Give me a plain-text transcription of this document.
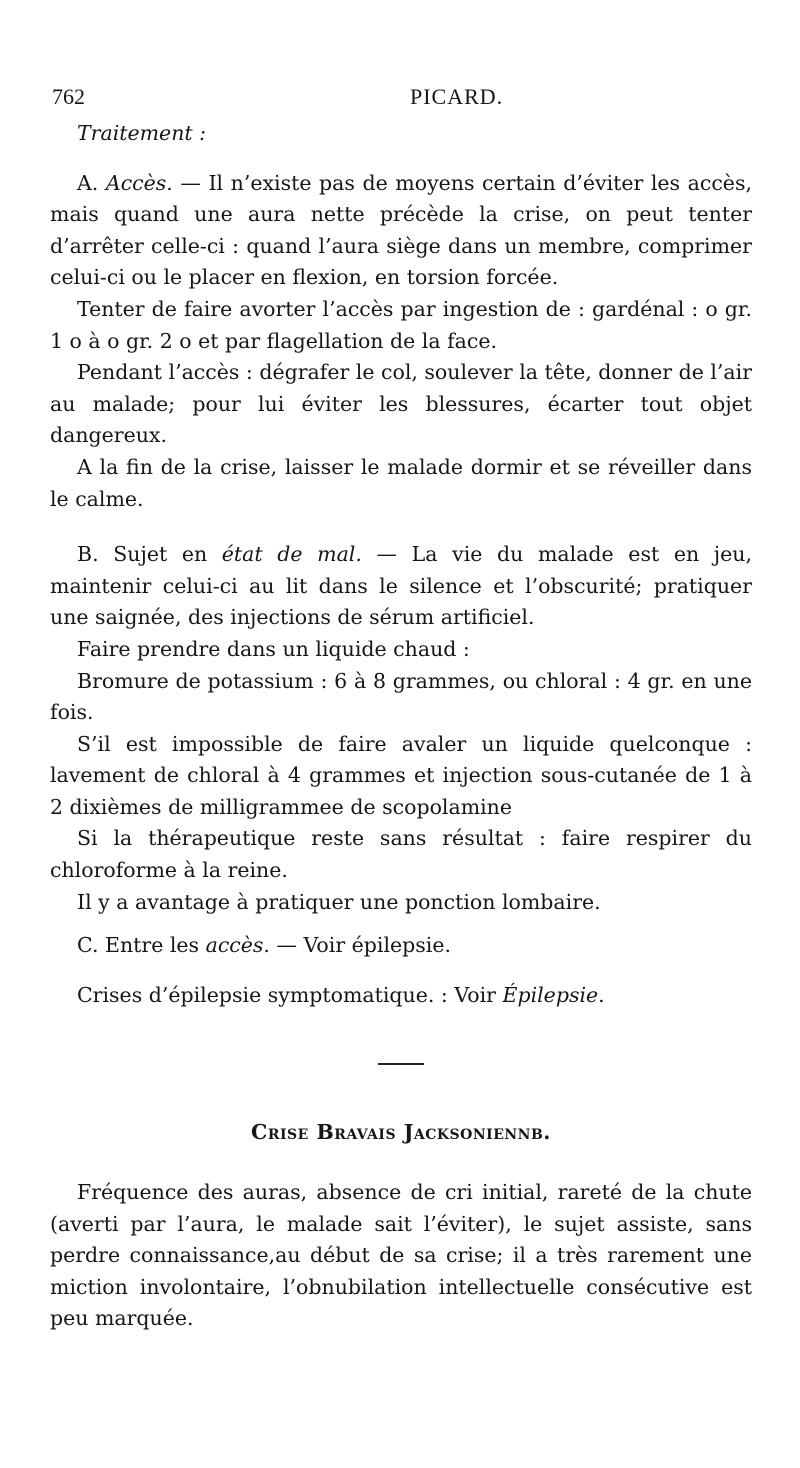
762	PICARD.

Traitement :

A. Accès. — Il n’existe pas de moyens certain d’éviter les accès, mais quand une aura nette précède la crise, on peut tenter d’arrêter celle-ci : quand l’aura siège dans un membre, comprimer celui-ci ou le placer en flexion, en torsion forcée.

Tenter de faire avorter l’accès par ingestion de : gardénal : o gr. 1 o à o gr. 2 o et par flagellation de la face.

Pendant l’accès : dégrafer le col, soulever la tête, donner de l’air au malade; pour lui éviter les blessures, écarter tout objet dangereux.

A la fin de la crise, laisser le malade dormir et se réveiller dans le calme.

B. Sujet en état de mal. — La vie du malade est en jeu, maintenir celui-ci au lit dans le silence et l’obscurité; pratiquer une saignée, des injections de sérum artificiel.

Faire prendre dans un liquide chaud :

Bromure de potassium : 6 à 8 grammes, ou chloral : 4 gr. en une fois.

S’il est impossible de faire avaler un liquide quelconque : lavement de chloral à 4 grammes et injection sous-cutanée de 1 à 2 dixièmes de milligrammee de scopolamine

Si la thérapeutique reste sans résultat : faire respirer du chloroforme à la reine.

Il y a avantage à pratiquer une ponction lombaire.

C. Entre les accès. — Voir épilepsie.

Crises d’épilepsie symptomatique. : Voir Épilepsie.

Crise Bravais Jacksoniennb.

Fréquence des auras, absence de cri initial, rareté de la chute (averti par l’aura, le malade sait l’éviter), le sujet assiste, sans perdre connaissance,au début de sa crise; il a très rarement une miction involontaire, l’obnubilation intellectuelle consécutive est peu marquée.
